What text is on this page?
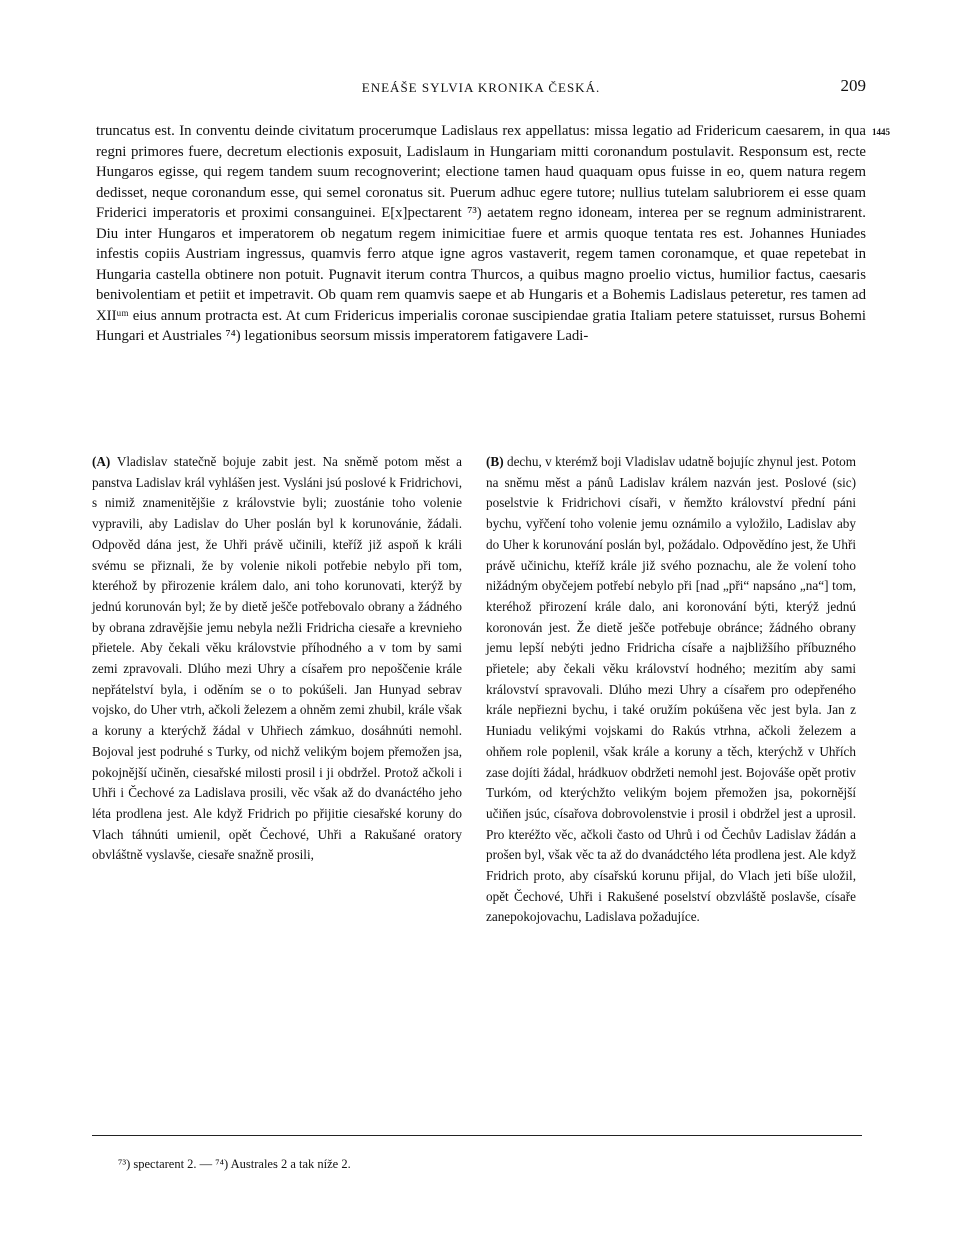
ENEÁŠE SYLVIA KRONIKA ČESKÁ.	209
1445
truncatus est. In conventu deinde civitatum procerumque Ladislaus rex appellatus: missa legatio ad Fridericum caesarem, in qua regni primores fuere, decretum electionis exposuit, Ladislaum in Hungariam mitti coronandum postulavit. Responsum est, recte Hungaros egisse, qui regem tandem suum recognoverint; electione tamen haud quaquam opus fuisse in eo, quem natura regem dedisset, neque coronandum esse, qui semel coronatus sit. Puerum adhuc egere tutore; nullius tutelam salubriorem ei esse quam Friderici imperatoris et proximi consanguinei. E[x]pectarent ⁷³) aetatem regno idoneam, interea per se regnum administrarent. Diu inter Hungaros et imperatorem ob negatum regem inimicitiae fuere et armis quoque tentata res est. Johannes Huniades infestis copiis Austriam ingressus, quamvis ferro atque igne agros vastaverit, regem tamen coronamque, et quae repetebat in Hungaria castella obtinere non potuit. Pugnavit iterum contra Thurcos, a quibus magno proelio victus, humilior factus, caesaris benivolentiam et petiit et impetravit. Ob quam rem quamvis saepe et ab Hungaris et a Bohemis Ladislaus peteretur, res tamen ad XIIᵘᵐ eius annum protracta est. At cum Fridericus imperialis coronae suscipiendae gratia Italiam petere statuisset, rursus Bohemi Hungari et Austriales ⁷⁴) legationibus seorsum missis imperatorem fatigavere Ladi-
(A) Vladislav statečně bojuje zabit jest. Na sněmě potom měst a panstva Ladislav král vyhlášen jest. Vysláni jsú poslové k Fridrichovi, s nimiž znamenitějšie z královstvie byli; zuostánie toho volenie vypravili, aby Ladislav do Uher poslán byl k korunovánie, žádali. Odpověd dána jest, že Uhři právě učinili, kteříž již aspoň k králi svému se přiznali, že by volenie nikoli potřebie nebylo při tom, kteréhož by přirozenie králem dalo, ani toho korunovati, kterýž by jednú korunován byl; že by dietě ješče potřebovalo obrany a žádného by obrana zdravějšie jemu nebyla nežli Fridricha ciesaře a krevnieho přietele. Aby čekali věku královstvie příhodného a v tom by sami zemi zpravovali. Dlúho mezi Uhry a císařem pro nepoščenie krále nepřátelství byla, i oděním se o to pokúšeli. Jan Hunyad sebrav vojsko, do Uher vtrh, ačkoli železem a ohněm zemi zhubil, krále však a koruny a kterýchž žádal v Uhřiech zámkuo, dosáhnúti nemohl. Bojoval jest podruhé s Turky, od nichž velikým bojem přemožen jsa, pokojnější učiněn, ciesařské milosti prosil i ji obdržel. Protož ačkoli i Uhři i Čechové za Ladislava prosili, věc však až do dvanáctého jeho léta prodlena jest. Ale když Fridrich po přijitie ciesařské koruny do Vlach táhnúti umienil, opět Čechové, Uhři a Rakušané oratory obvláštně vyslavše, ciesaře snažně prosili,
(B) dechu, v kterémž boji Vladislav udatně bojujíc zhynul jest. Potom na sněmu měst a pánů Ladislav králem nazván jest. Poslové (sic) poselstvie k Fridrichovi císaři, v ňemžto království přední páni bychu, vyřčení toho volenie jemu oznámilo a vyložilo, Ladislav aby do Uher k korunování poslán byl, požádalo. Odpovědíno jest, že Uhři právě učinichu, kteříž krále již svého poznachu, ale že volení toho nižádným obyčejem potřebí nebylo při [nad „při“ napsáno „na“] tom, kteréhož přirození krále dalo, ani koronování býti, kterýž jednú koronován jest. Že dietě ješče potřebuje obránce; žádného obrany jemu lepší nebýti jedno Fridricha císaře a najbližšího příbuzného přietele; aby čekali věku království hodného; mezitím aby sami království spravovali. Dlúho mezi Uhry a císařem pro odepřeného krále nepřiezni bychu, i také oružím pokúšena věc jest byla. Jan z Huniadu velikými vojskami do Rakús vtrhna, ačkoli železem a ohňem role poplenil, však krále a koruny a těch, kterýchž v Uhřích zase dojíti žádal, hrádkuov obdržeti nemohl jest. Bojováše opět protiv Turkóm, od kterýchžto velikým bojem přemožen jsa, pokornější učiňen jsúc, císařova dobrovolenstvie i prosil i obdržel jest a uprosil. Pro kteréžto věc, ačkoli často od Uhrů i od Čechův Ladislav žádán a prošen byl, však věc ta až do dvanádctého léta prodlena jest. Ale když Fridrich proto, aby císařskú korunu přijal, do Vlach jeti bíše uložil, opět Čechové, Uhři i Rakušené poselství obzvláště poslavše, císaře zanepokojovachu, Ladislava požadujíce.
⁷³) spectarent 2. — ⁷⁴) Australes 2 a tak níže 2.
